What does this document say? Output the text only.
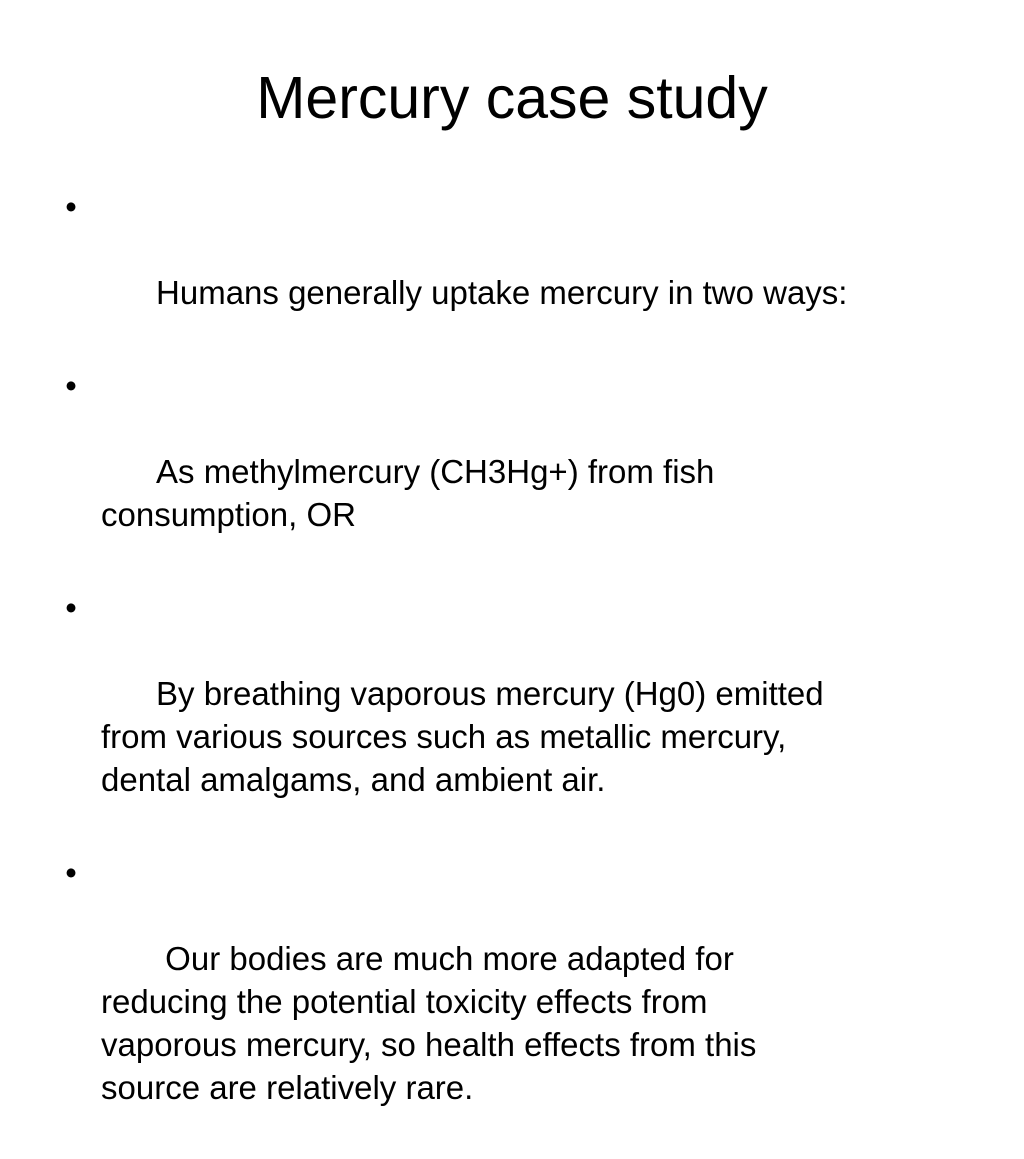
Mercury case study

•

Humans generally uptake mercury in two ways:

•

As methylmercury (CH3Hg+) from fish
consumption, OR

•

By breathing vaporous mercury (Hg0) emitted
from various sources such as metallic mercury,
dental amalgams, and ambient air.

•

Our bodies are much more adapted for
reducing the potential toxicity effects from
vaporous mercury, so health effects from this
source are relatively rare.
